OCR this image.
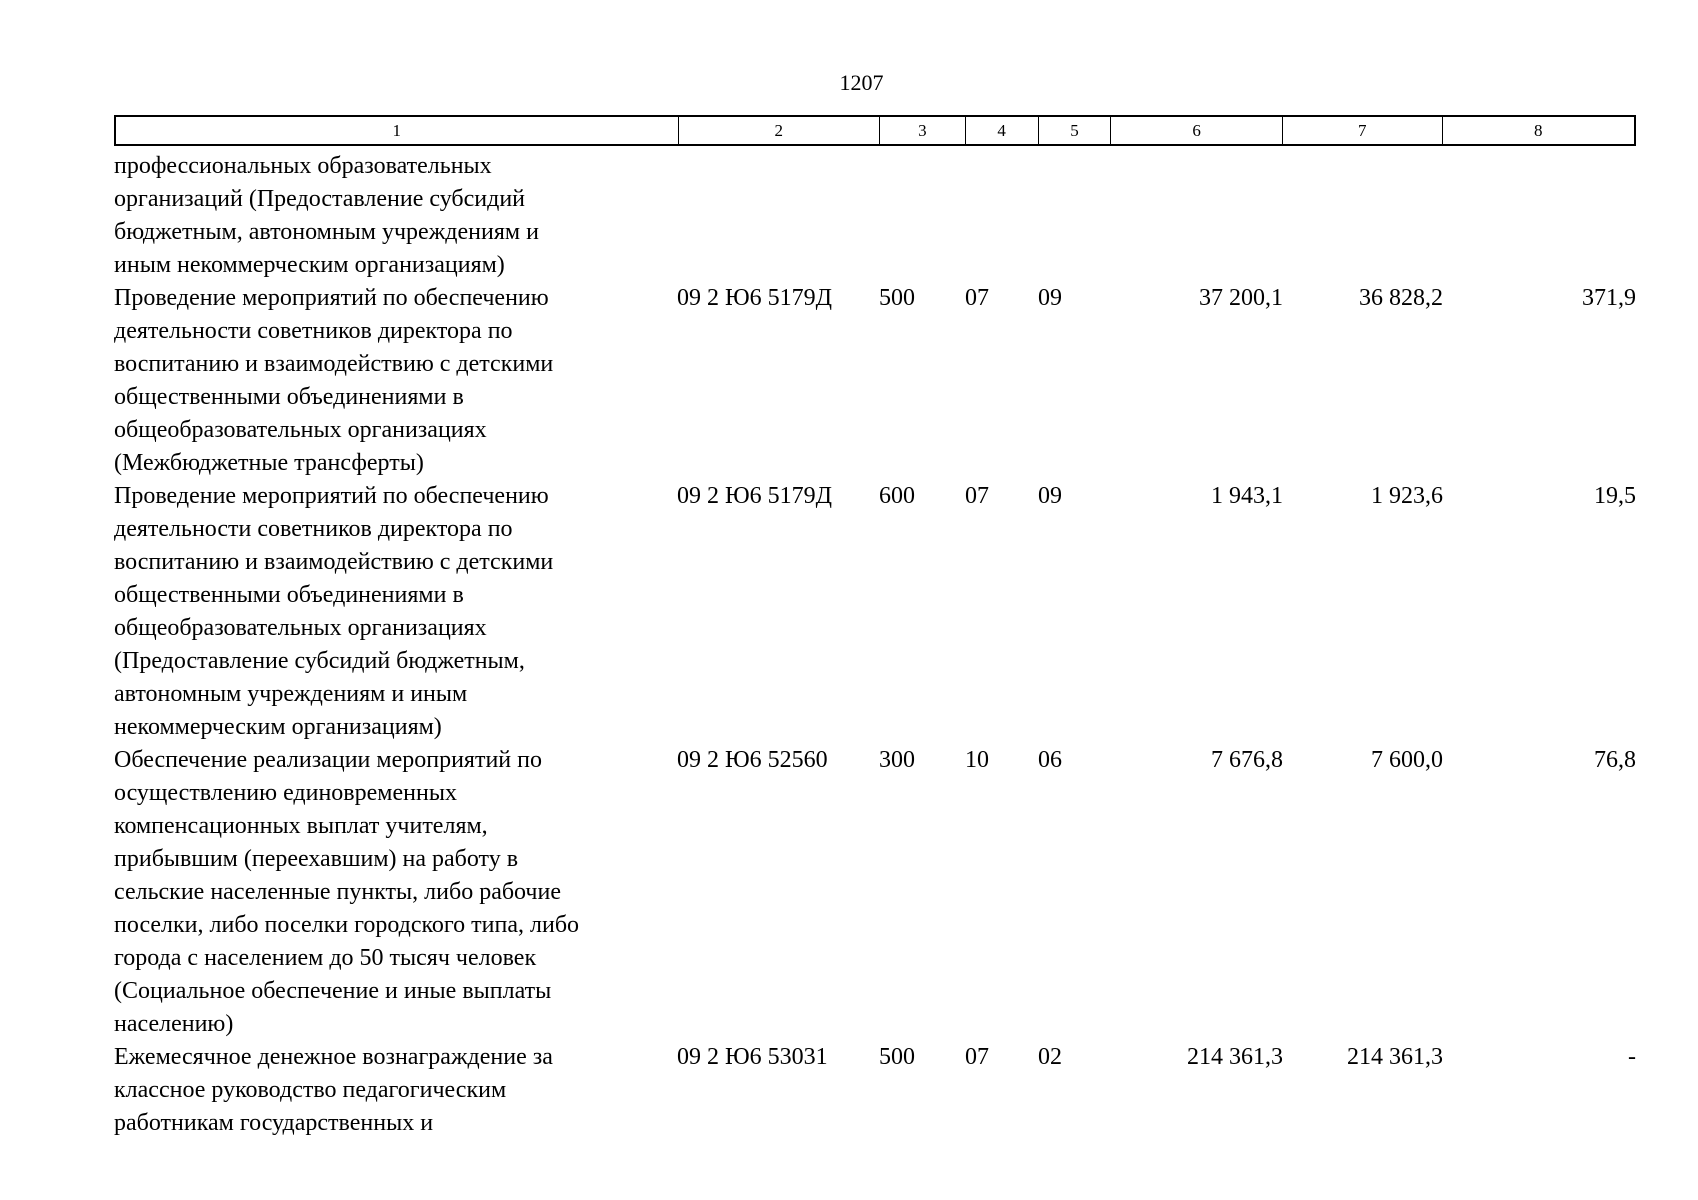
1207
1	2	3	4	5	6	7	8
профессиональных образовательных
организаций (Предоставление субсидий
бюджетным, автономным учреждениям и
иным некоммерческим организациям)
Проведение мероприятий по обеспечению
деятельности советников директора по
воспитанию и взаимодействию с детскими
общественными объединениями в
общеобразовательных организациях
(Межбюджетные трансферты)
09 2 Ю6 5179Д	500	07	09	37 200,1	36 828,2	371,9
Проведение мероприятий по обеспечению
деятельности советников директора по
воспитанию и взаимодействию с детскими
общественными объединениями в
общеобразовательных организациях
(Предоставление субсидий бюджетным,
автономным учреждениям и иным
некоммерческим организациям)
09 2 Ю6 5179Д	600	07	09	1 943,1	1 923,6	19,5
Обеспечение реализации мероприятий по
осуществлению единовременных
компенсационных выплат учителям,
прибывшим (переехавшим) на работу в
сельские населенные пункты, либо рабочие
поселки, либо поселки городского типа, либо
города с населением до 50 тысяч человек
(Социальное обеспечение и иные выплаты
населению)
09 2 Ю6 52560	300	10	06	7 676,8	7 600,0	76,8
Ежемесячное денежное вознаграждение за
классное руководство педагогическим
работникам государственных и
09 2 Ю6 53031	500	07	02	214 361,3	214 361,3	-
